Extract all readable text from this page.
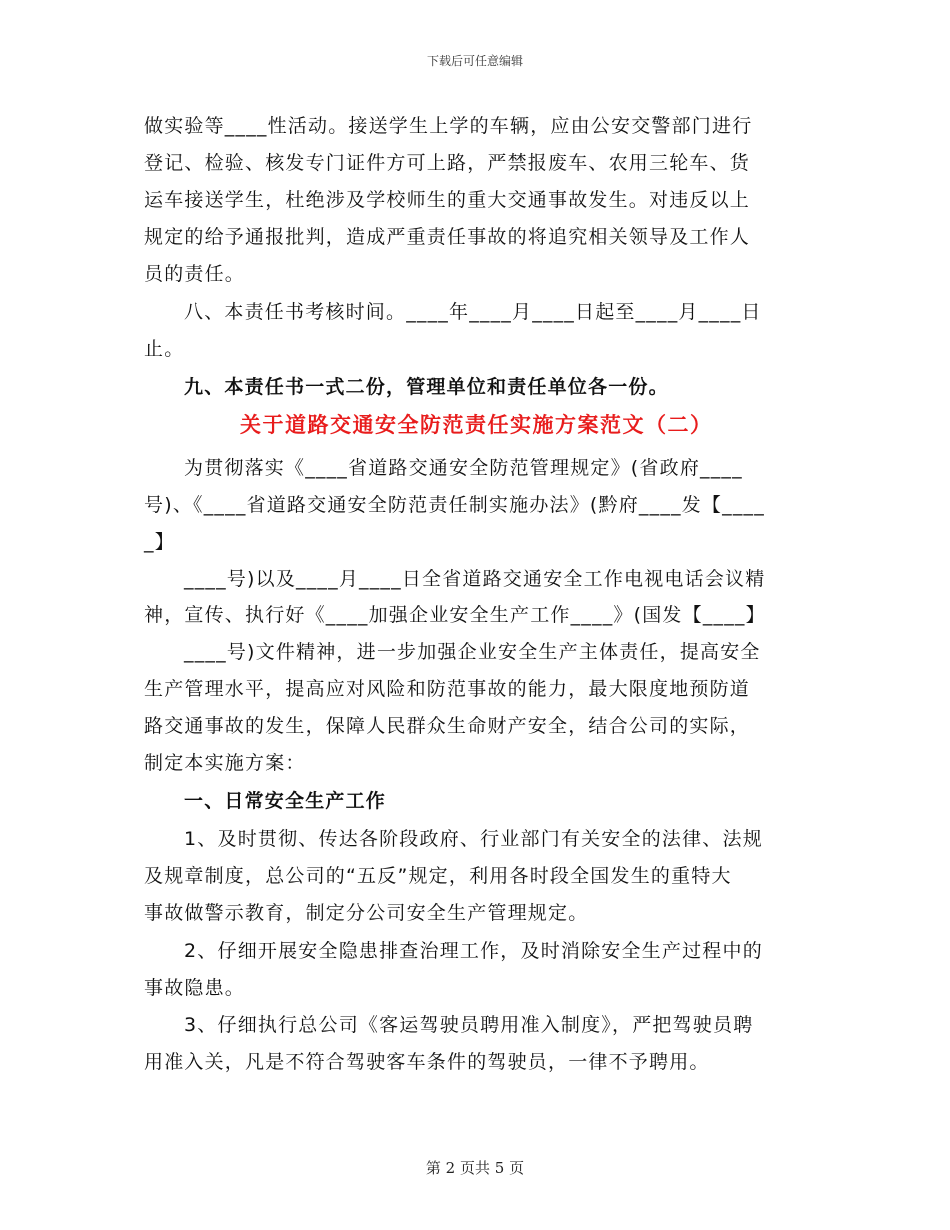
下载后可任意编辑
做实验等____性活动。接送学生上学的车辆，应由公安交警部门进行
登记、检验、核发专门证件方可上路，严禁报废车、农用三轮车、货
运车接送学生，杜绝涉及学校师生的重大交通事故发生。对违反以上
规定的给予通报批判，造成严重责任事故的将追究相关领导及工作人
员的责任。
八、本责任书考核时间。____年____月____日起至____月____日
止。
九、本责任书一式二份，管理单位和责任单位各一份。
关于道路交通安全防范责任实施方案范文（二）
为贯彻落实《____省道路交通安全防范管理规定》(省政府____
号)、《____省道路交通安全防范责任制实施办法》(黔府____发【____
_】
____号)以及____月____日全省道路交通安全工作电视电话会议精
神，宣传、执行好《____加强企业安全生产工作____》(国发【____】
____号)文件精神，进一步加强企业安全生产主体责任，提高安全
生产管理水平，提高应对风险和防范事故的能力，最大限度地预防道
路交通事故的发生，保障人民群众生命财产安全，结合公司的实际，
制定本实施方案：
一、日常安全生产工作
1、及时贯彻、传达各阶段政府、行业部门有关安全的法律、法规
及规章制度，总公司的“五反”规定，利用各时段全国发生的重特大
事故做警示教育，制定分公司安全生产管理规定。
2、仔细开展安全隐患排查治理工作，及时消除安全生产过程中的
事故隐患。
3、仔细执行总公司《客运驾驶员聘用准入制度》，严把驾驶员聘
用准入关，凡是不符合驾驶客车条件的驾驶员，一律不予聘用。
第 2 页共 5 页
